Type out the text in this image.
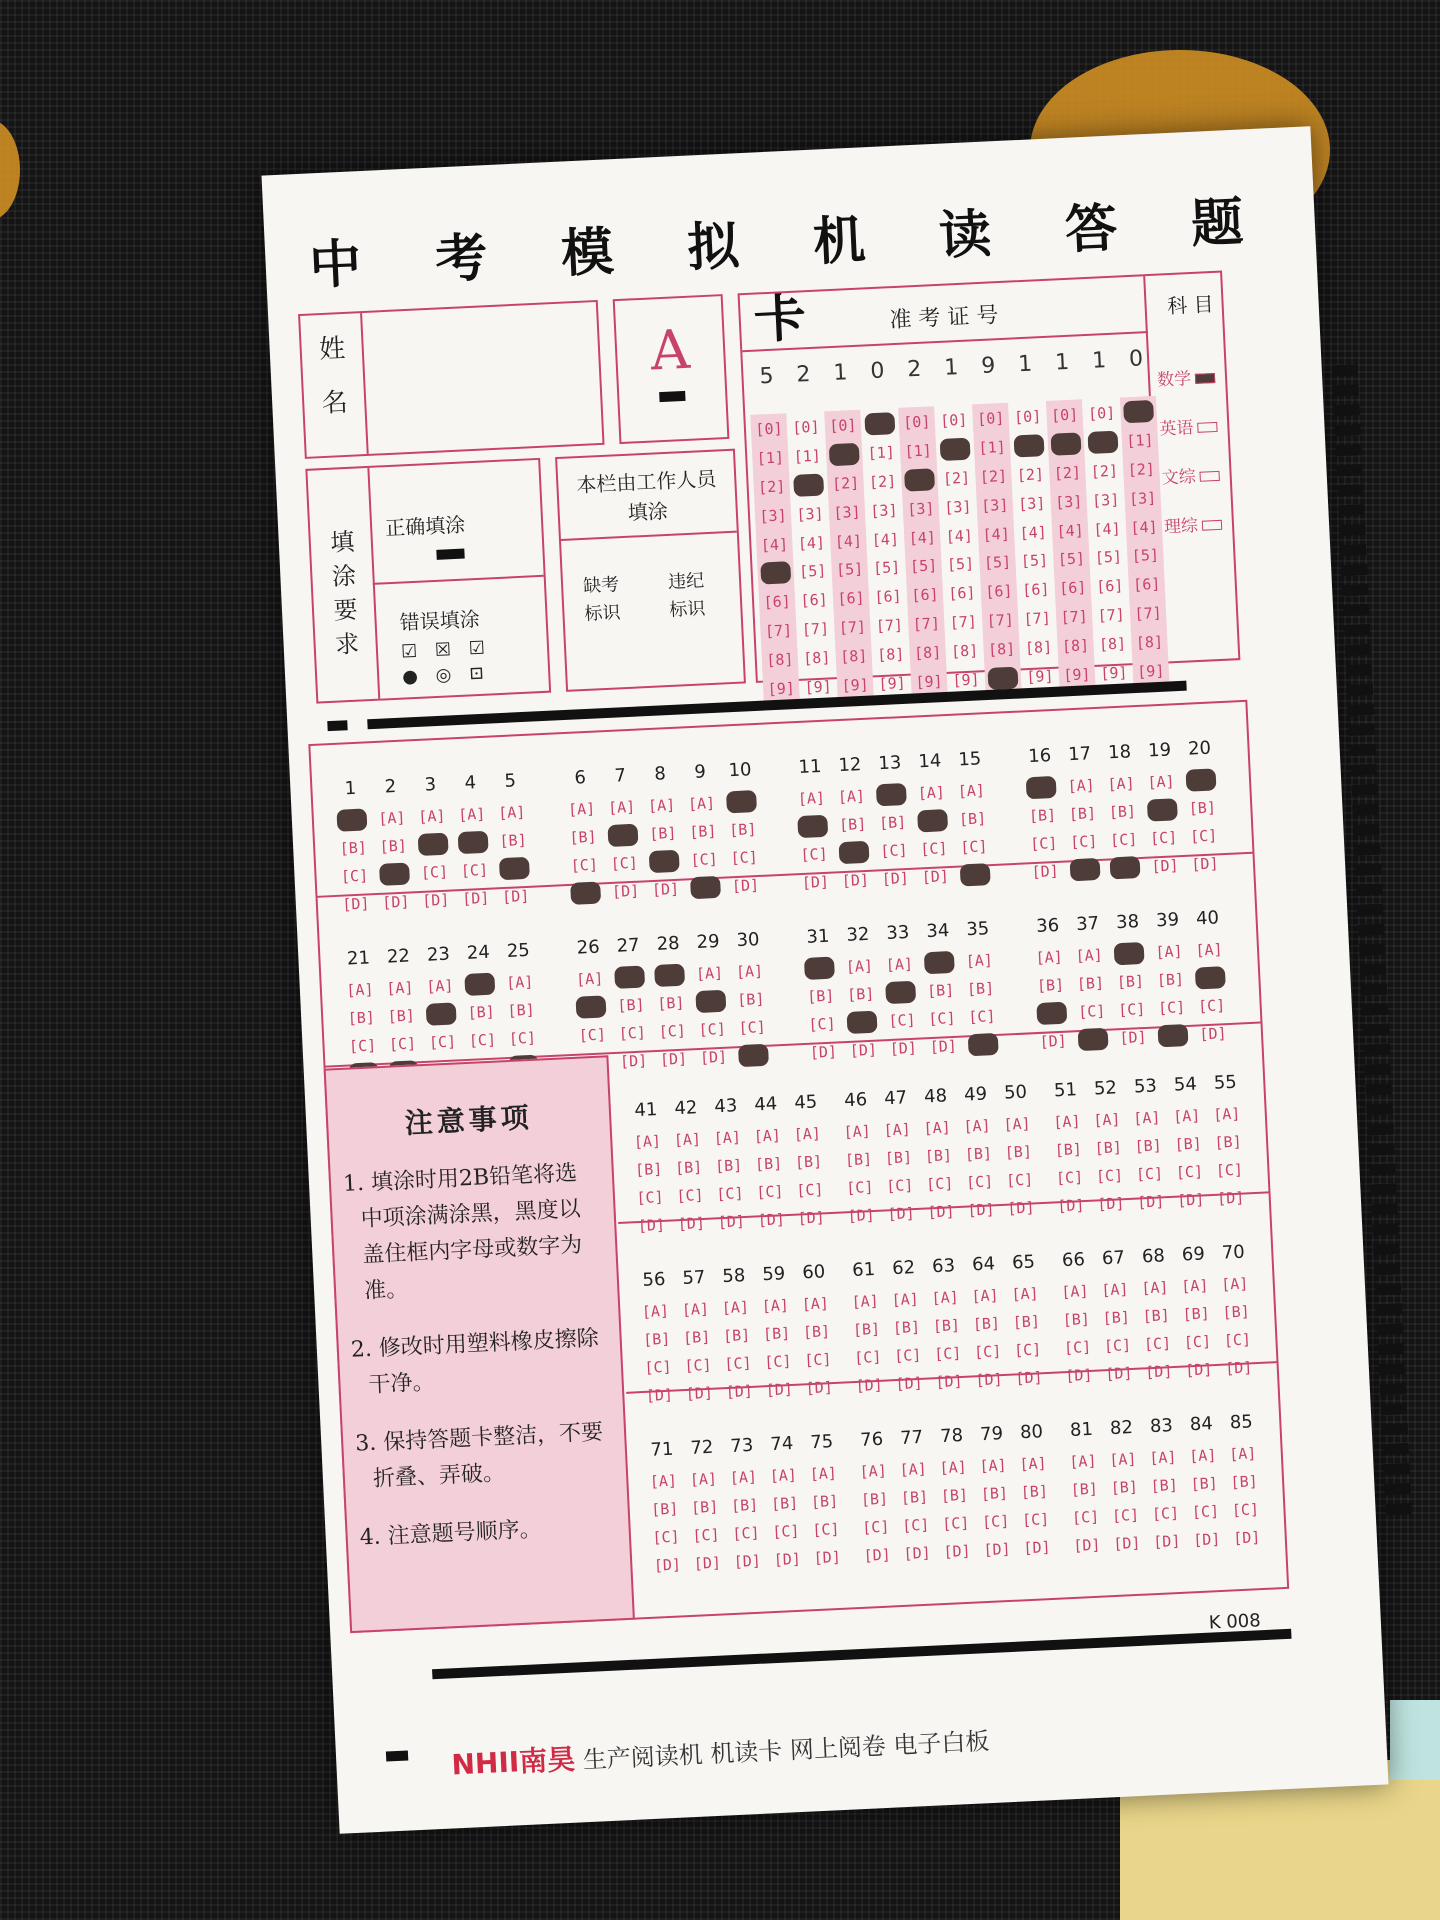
中 考 模 拟 机 读 答 题 卡
姓名	A	准 考 证 号
5 2 1 0 2 1 9 1 1 1 0
[0]
[1]
[2]
[3]
[4]
[6]
[7]
[8]
[9]
[0]
[1]
[3]
[4]
[5]
[6]
[7]
[8]
[9]
[0]
[2]
[3]
[4]
[5]
[6]
[7]
[8]
[9]
[1]
[2]
[3]
[4]
[5]
[6]
[7]
[8]
[9]
[0]
[1]
[3]
[4]
[5]
[6]
[7]
[8]
[9]
[0]
[2]
[3]
[4]
[5]
[6]
[7]
[8]
[9]
[0]
[1]
[2]
[3]
[4]
[5]
[6]
[7]
[8]
[0]
[2]
[3]
[4]
[5]
[6]
[7]
[8]
[9]
[0]
[2]
[3]
[4]
[5]
[6]
[7]
[8]
[9]
[0]
[2]
[3]
[4]
[5]
[6]
[7]
[8]
[9]
[1]
[2]
[3]
[4]
[5]
[6]
[7]
[8]
[9]
科 目
数学
英语
文综
理综
填涂要求
正确填涂
错误填涂
☑ ☒ ☑
● ◎ ⊡
本栏由工作人员填涂
缺考标识
违纪标识
1
[B]
[C]
[D]
2
[A]
[B]
[D]
3
[A]
[C]
[D]
4
[A]
[C]
[D]
5
[A]
[B]
[D]
6
[A]
[B]
[C]
7
[A]
[C]
[D]
8
[A]
[B]
[D]
9
[A]
[B]
[C]
10
[B]
[C]
[D]
11
[A]
[C]
[D]
12
[A]
[B]
[D]
13
[B]
[C]
[D]
14
[A]
[C]
[D]
15
[A]
[B]
[C]
16
[B]
[C]
[D]
17
[A]
[B]
[C]
18
[A]
[B]
[C]
19
[A]
[C]
[D]
20
[B]
[C]
[D]
21
[A]
[B]
[C]
22
[A]
[B]
[C]
23
[A]
[C]
24
[B]
[C]
25
[A]
[B]
[C]
26
[A]
[C]
27
[B]
[C]
[D]
28
[B]
[C]
[D]
29
[A]
[C]
[D]
30
[A]
[B]
[C]
31
[B]
[C]
[D]
32
[A]
[B]
[D]
33
[A]
[C]
[D]
34
[B]
[C]
[D]
35
[A]
[B]
[C]
36
[A]
[B]
[D]
37
[A]
[B]
[C]
38
[B]
[C]
[D]
39
[A]
[B]
[C]
40
[A]
[C]
[D]
41
[A]
[B]
[C]
[D]
42
[A]
[B]
[C]
[D]
43
[A]
[B]
[C]
[D]
44
[A]
[B]
[C]
[D]
45
[A]
[B]
[C]
[D]
46
[A]
[B]
[C]
[D]
47
[A]
[B]
[C]
[D]
48
[A]
[B]
[C]
[D]
49
[A]
[B]
[C]
[D]
50
[A]
[B]
[C]
[D]
51
[A]
[B]
[C]
[D]
52
[A]
[B]
[C]
[D]
53
[A]
[B]
[C]
[D]
54
[A]
[B]
[C]
[D]
55
[A]
[B]
[C]
[D]
56
[A]
[B]
[C]
[D]
57
[A]
[B]
[C]
[D]
58
[A]
[B]
[C]
[D]
59
[A]
[B]
[C]
[D]
60
[A]
[B]
[C]
[D]
61
[A]
[B]
[C]
[D]
62
[A]
[B]
[C]
[D]
63
[A]
[B]
[C]
[D]
64
[A]
[B]
[C]
[D]
65
[A]
[B]
[C]
[D]
66
[A]
[B]
[C]
[D]
67
[A]
[B]
[C]
[D]
68
[A]
[B]
[C]
[D]
69
[A]
[B]
[C]
[D]
70
[A]
[B]
[C]
[D]
71
[A]
[B]
[C]
[D]
72
[A]
[B]
[C]
[D]
73
[A]
[B]
[C]
[D]
74
[A]
[B]
[C]
[D]
75
[A]
[B]
[C]
[D]
76
[A]
[B]
[C]
[D]
77
[A]
[B]
[C]
[D]
78
[A]
[B]
[C]
[D]
79
[A]
[B]
[C]
[D]
80
[A]
[B]
[C]
[D]
81
[A]
[B]
[C]
[D]
82
[A]
[B]
[C]
[D]
83
[A]
[B]
[C]
[D]
84
[A]
[B]
[C]
[D]
85
[A]
[B]
[C]
[D]
注意事项

1. 填涂时用2B铅笔将选中项涂满涂黑，黑度以盖住框内字母或数字为准。

2. 修改时用塑料橡皮擦除干净。

3. 保持答题卡整洁，不要折叠、弄破。

4. 注意题号顺序。

K 008
NHII南昊 生产阅读机 机读卡 网上阅卷 电子白板
